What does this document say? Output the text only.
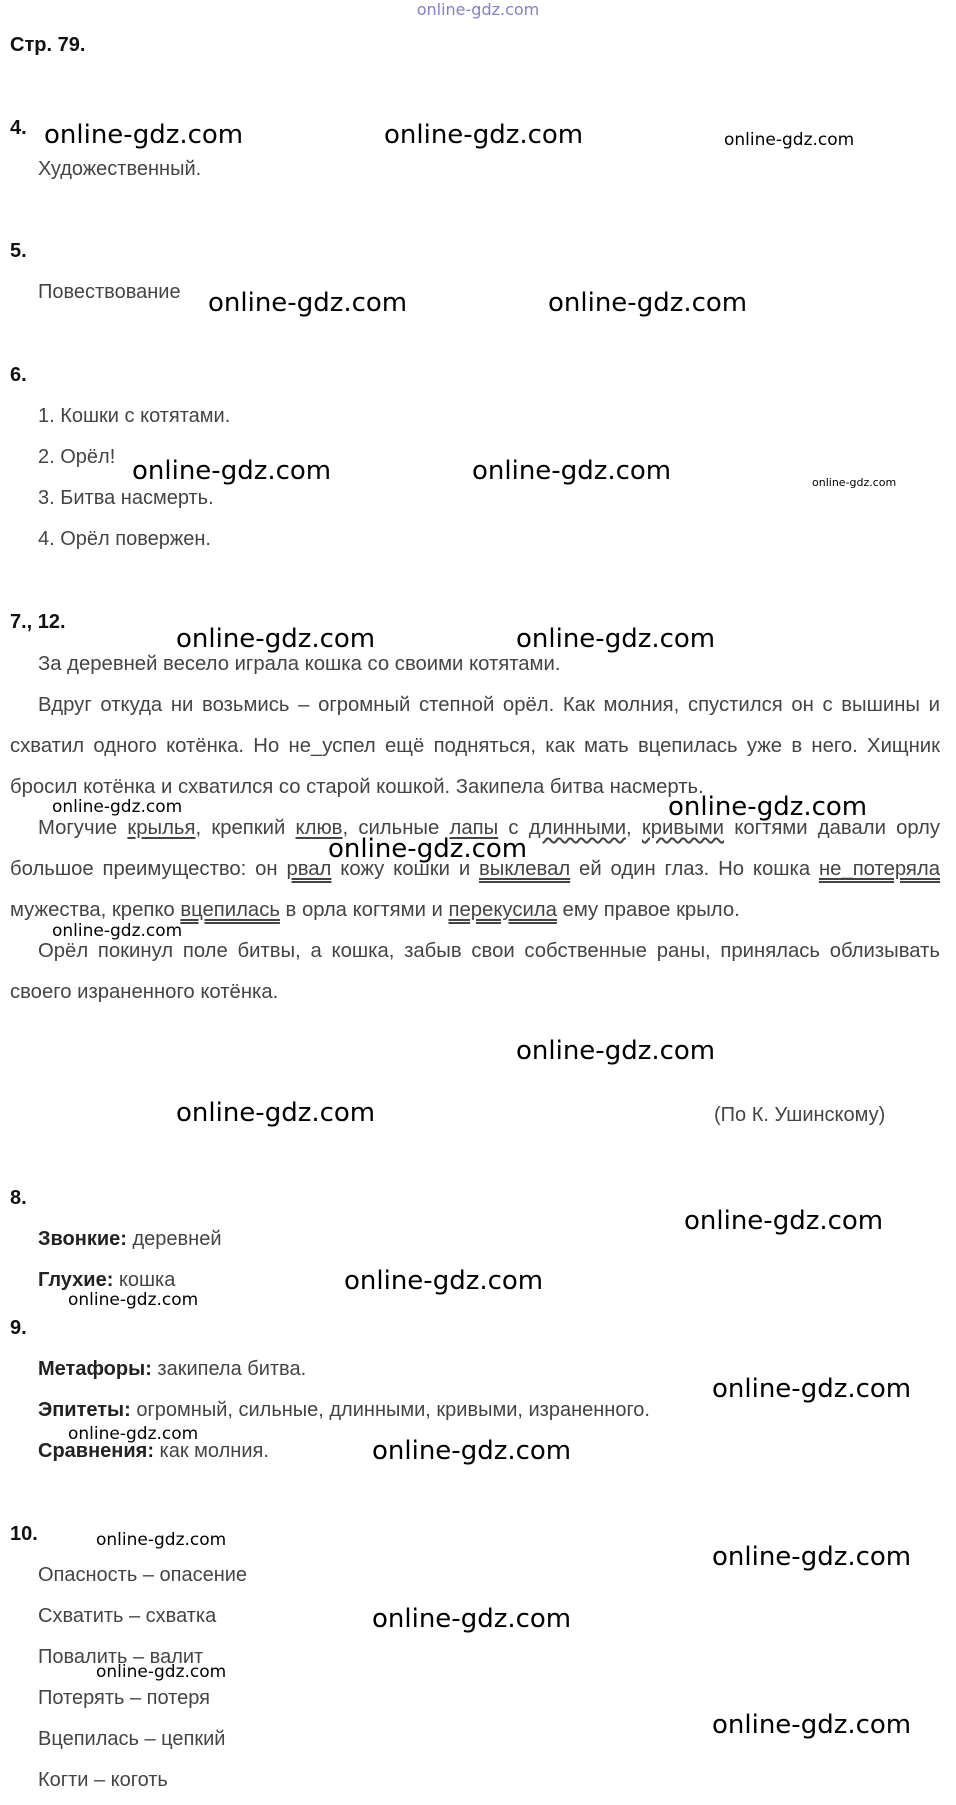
online-gdz.com
Стр. 79.
4.
Художественный.
5.
Повествование
6.
1. Кошки с котятами.
2. Орёл!
3. Битва насмерть.
4. Орёл повержен.
7., 12.

За деревней весело играла кошка со своими котятами.

Вдруг откуда ни возьмись – огромный степной орёл. Как молния, спустился он с вышины и схватил одного котёнка. Но не_успел ещё подняться, как мать вцепилась уже в него. Хищник бросил котёнка и схватился со старой кошкой. Закипела битва насмерть.

Могучие крылья, крепкий клюв, сильные лапы с длинными, кривыми когтями давали орлу большое преимущество: он рвал кожу кошки и выклевал ей один глаз. Но кошка не_потеряла мужества, крепко вцепилась в орла когтями и перекусила ему правое крыло.

Орёл покинул поле битвы, а кошка, забыв свои собственные раны, принялась облизывать своего израненного котёнка.

(По К. Ушинскому)
8.
Звонкие: деревней
Глухие: кошка
9.
Метафоры: закипела битва.
Эпитеты: огромный, сильные, длинными, кривыми, израненного.
Сравнения: как молния.
10.
Опасность – опасение
Схватить – схватка
Повалить – валит
Потерять – потеря
Вцепилась – цепкий
Когти – коготь
online-gdz.com	online-gdz.com	online-gdz.com
online-gdz.com	online-gdz.com
online-gdz.com	online-gdz.com	online-gdz.com
online-gdz.com	online-gdz.com
online-gdz.com	online-gdz.com
online-gdz.com
online-gdz.com
online-gdz.com
online-gdz.com
online-gdz.com
online-gdz.com
online-gdz.com
online-gdz.com
online-gdz.com
online-gdz.com
online-gdz.com
online-gdz.com
online-gdz.com
online-gdz.com
online-gdz.com
